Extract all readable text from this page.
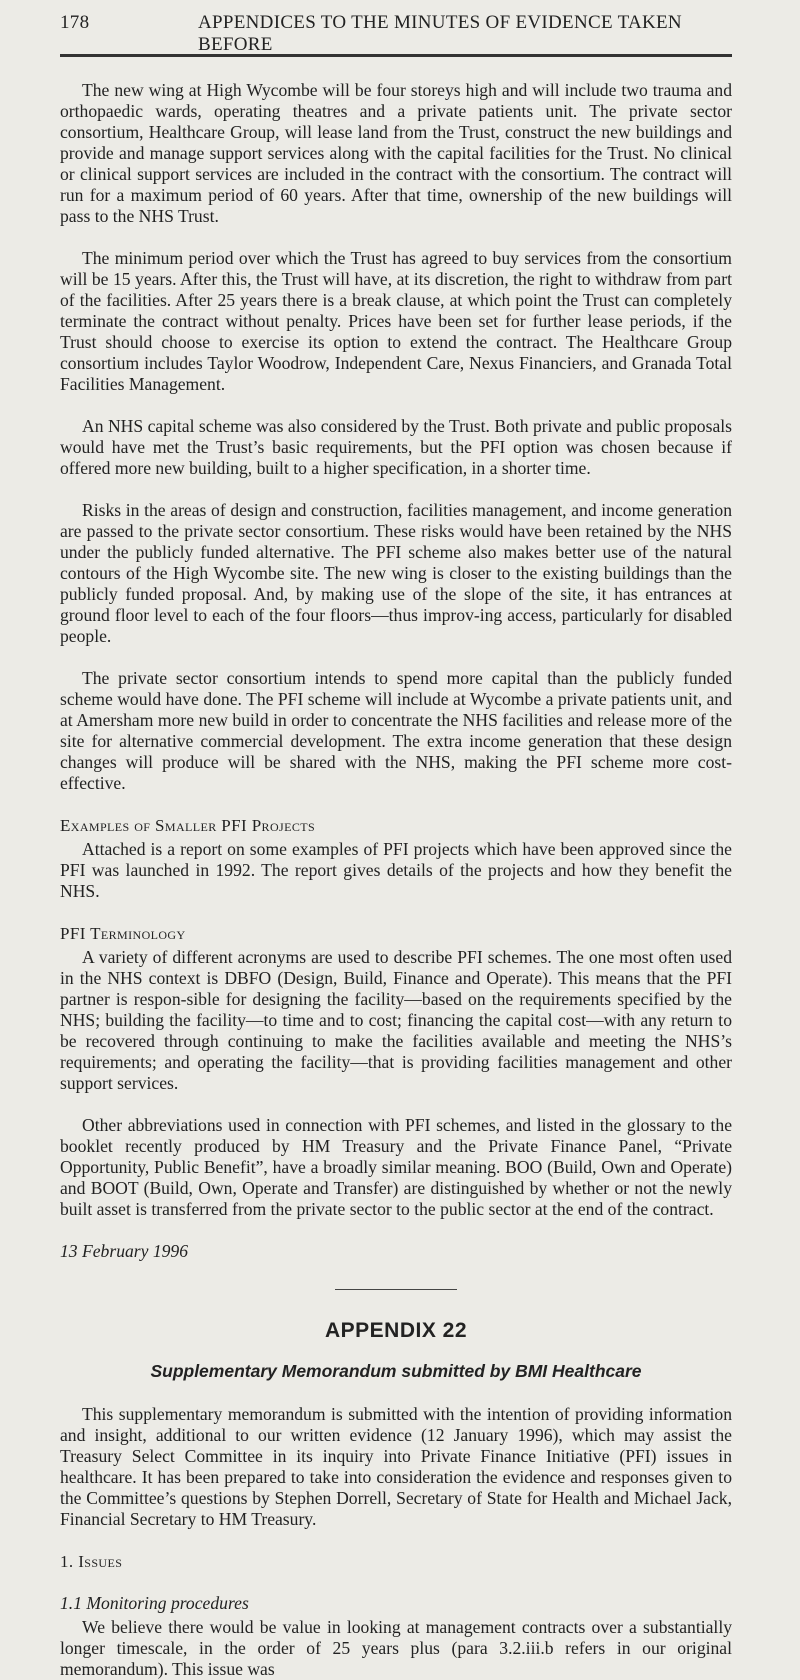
178	APPENDICES TO THE MINUTES OF EVIDENCE TAKEN BEFORE

The new wing at High Wycombe will be four storeys high and will include two trauma and orthopaedic wards, operating theatres and a private patients unit. The private sector consortium, Healthcare Group, will lease land from the Trust, construct the new buildings and provide and manage support services along with the capital facilities for the Trust. No clinical or clinical support services are included in the contract with the consortium. The contract will run for a maximum period of 60 years. After that time, ownership of the new buildings will pass to the NHS Trust.

The minimum period over which the Trust has agreed to buy services from the consortium will be 15 years. After this, the Trust will have, at its discretion, the right to withdraw from part of the facilities. After 25 years there is a break clause, at which point the Trust can completely terminate the contract without penalty. Prices have been set for further lease periods, if the Trust should choose to exercise its option to extend the contract. The Healthcare Group consortium includes Taylor Woodrow, Independent Care, Nexus Financiers, and Granada Total Facilities Management.

An NHS capital scheme was also considered by the Trust. Both private and public proposals would have met the Trust’s basic requirements, but the PFI option was chosen because if offered more new building, built to a higher specification, in a shorter time.

Risks in the areas of design and construction, facilities management, and income generation are passed to the private sector consortium. These risks would have been retained by the NHS under the publicly funded alternative. The PFI scheme also makes better use of the natural contours of the High Wycombe site. The new wing is closer to the existing buildings than the publicly funded proposal. And, by making use of the slope of the site, it has entrances at ground floor level to each of the four floors—thus improv-ing access, particularly for disabled people.

The private sector consortium intends to spend more capital than the publicly funded scheme would have done. The PFI scheme will include at Wycombe a private patients unit, and at Amersham more new build in order to concentrate the NHS facilities and release more of the site for alternative commercial development. The extra income generation that these design changes will produce will be shared with the NHS, making the PFI scheme more cost-effective.

Examples of Smaller PFI Projects

Attached is a report on some examples of PFI projects which have been approved since the PFI was launched in 1992. The report gives details of the projects and how they benefit the NHS.

PFI Terminology

A variety of different acronyms are used to describe PFI schemes. The one most often used in the NHS context is DBFO (Design, Build, Finance and Operate). This means that the PFI partner is respon-sible for designing the facility—based on the requirements specified by the NHS; building the facility—to time and to cost; financing the capital cost—with any return to be recovered through continuing to make the facilities available and meeting the NHS’s requirements; and operating the facility—that is providing facilities management and other support services.

Other abbreviations used in connection with PFI schemes, and listed in the glossary to the booklet recently produced by HM Treasury and the Private Finance Panel, “Private Opportunity, Public Benefit”, have a broadly similar meaning. BOO (Build, Own and Operate) and BOOT (Build, Own, Operate and Transfer) are distinguished by whether or not the newly built asset is transferred from the private sector to the public sector at the end of the contract.

13 February 1996
APPENDIX 22
Supplementary Memorandum submitted by BMI Healthcare

This supplementary memorandum is submitted with the intention of providing information and insight, additional to our written evidence (12 January 1996), which may assist the Treasury Select Committee in its inquiry into Private Finance Initiative (PFI) issues in healthcare. It has been prepared to take into consideration the evidence and responses given to the Committee’s questions by Stephen Dorrell, Secretary of State for Health and Michael Jack, Financial Secretary to HM Treasury.

1. Issues
1.1 Monitoring procedures

We believe there would be value in looking at management contracts over a substantially longer timescale, in the order of 25 years plus (para 3.2.iii.b refers in our original memorandum). This issue was
